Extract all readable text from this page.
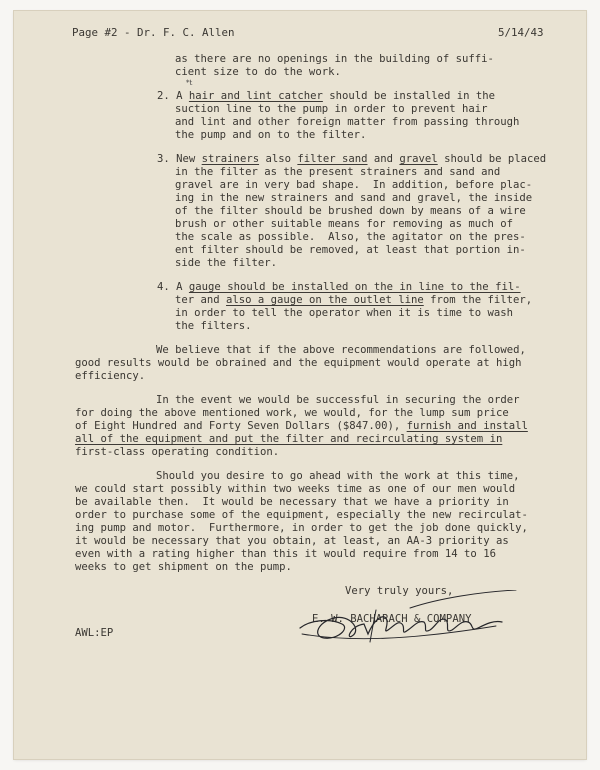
Page #2 - Dr. F. C. Allen	5/14/43
as there are no openings in the building of suffi-
cient size to do the work.
*t
2. A hair and lint catcher should be installed in the
suction line to the pump in order to prevent hair
and lint and other foreign matter from passing through
the pump and on to the filter.
3. New strainers also filter sand and gravel should be placed
in the filter as the present strainers and sand and
gravel are in very bad shape.  In addition, before plac-
ing in the new strainers and sand and gravel, the inside
of the filter should be brushed down by means of a wire
brush or other suitable means for removing as much of
the scale as possible.  Also, the agitator on the pres-
ent filter should be removed, at least that portion in-
side the filter.
4. A gauge should be installed on the in line to the fil-
ter and also a gauge on the outlet line from the filter,
in order to tell the operator when it is time to wash
the filters.
We believe that if the above recommendations are followed,
good results would be obrained and the equipment would operate at high
efficiency.
In the event we would be successful in securing the order
for doing the above mentioned work, we would, for the lump sum price
of Eight Hundred and Forty Seven Dollars ($847.00), furnish and install
all of the equipment and put the filter and recirculating system in
first-class operating condition.
Should you desire to go ahead with the work at this time,
we could start possibly within two weeks time as one of our men would
be available then.  It would be necessary that we have a priority in
order to purchase some of the equipment, especially the new recirculat-
ing pump and motor.  Furthermore, in order to get the job done quickly,
it would be necessary that you obtain, at least, an AA-3 priority as
even with a rating higher than this it would require from 14 to 16
weeks to get shipment on the pump.
Very truly yours,
E. W. BACHARACH & COMPANY
AWL:EP
